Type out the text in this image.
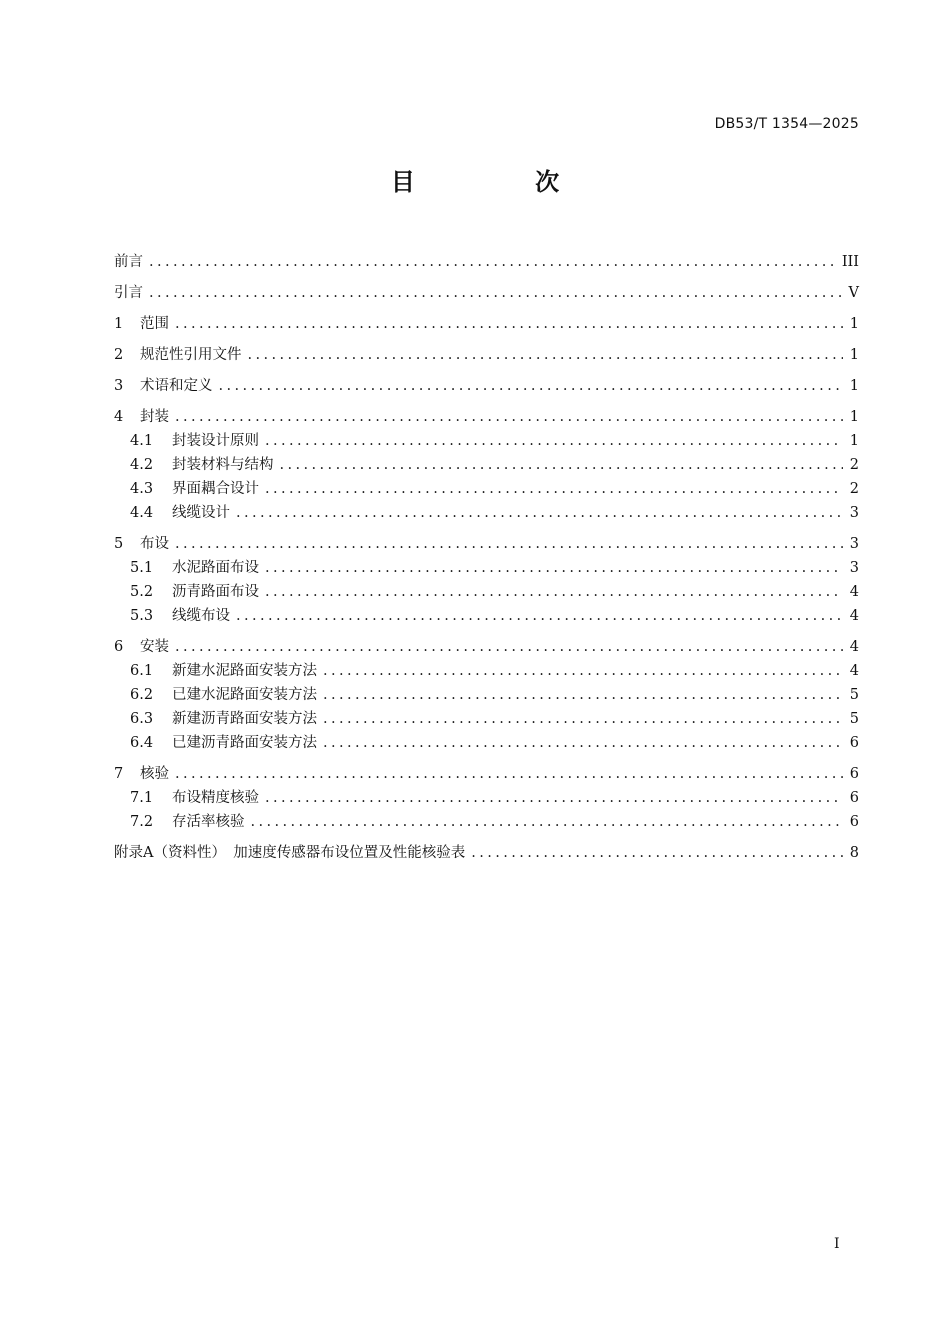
DB53/T 1354—2025
目 次
前言 .....	III
引言 .....	V
1	范围 .....	1
2	规范性引用文件 .....	1
3	术语和定义 .....	1
4	封装 .....	1
4.1	封装设计原则 .....	1
4.2	封装材料与结构 .....	2
4.3	界面耦合设计 .....	2
4.4	线缆设计 .....	3
5	布设 .....	3
5.1	水泥路面布设 .....	3
5.2	沥青路面布设 .....	4
5.3	线缆布设 .....	4
6	安装 .....	4
6.1	新建水泥路面安装方法 .....	4
6.2	已建水泥路面安装方法 .....	5
6.3	新建沥青路面安装方法 .....	5
6.4	已建沥青路面安装方法 .....	6
7	核验 .....	6
7.1	布设精度核验 .....	6
7.2	存活率核验 .....	6
附录A（资料性）　加速度传感器布设位置及性能核验表 .....	8
I
